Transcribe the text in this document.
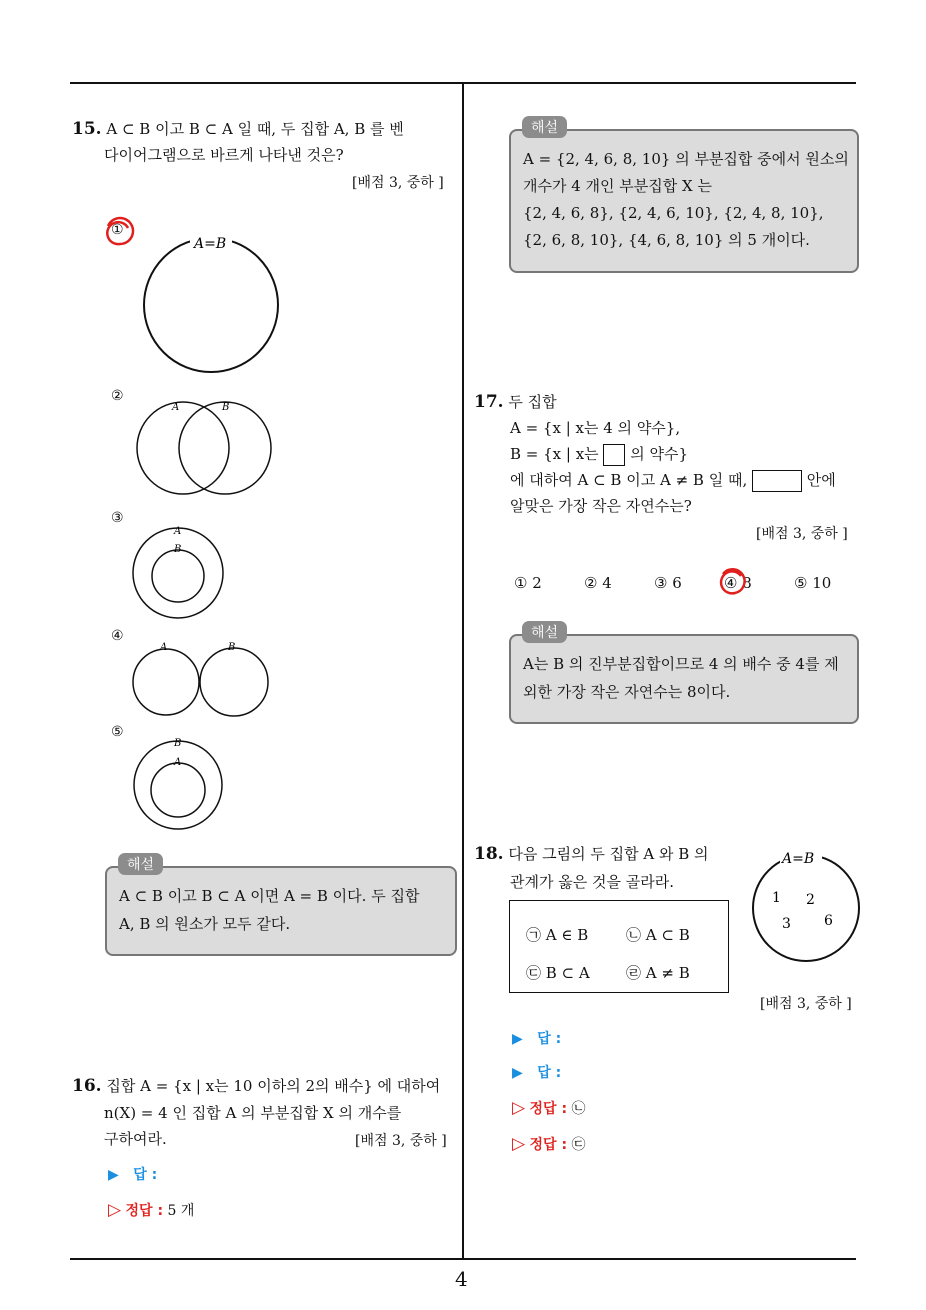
4
15. A ⊂ B 이고 B ⊂ A 일 때, 두 집합 A, B 를 벤
다이어그램으로 바르게 나타낸 것은?
[배점 3, 중하 ]
①
②
③
④
⑤
A=B
A	B
A
B
A	B
B
A
해설
A ⊂ B 이고 B ⊂ A 이면 A = B 이다. 두 집합
A, B 의 원소가 모두 같다.
16. 집합 A = {x | x는 10 이하의 2의 배수} 에 대하여
n(X) = 4 인 집합 A 의 부분집합 X 의 개수를
구하여라.	[배점 3, 중하 ]
▶ 답 :
▷ 정답 : 5 개
해설
A = {2, 4, 6, 8, 10} 의 부분집합 중에서 원소의
개수가 4 개인 부분집합 X 는
{2, 4, 6, 8}, {2, 4, 6, 10}, {2, 4, 8, 10},
{2, 6, 8, 10}, {4, 6, 8, 10} 의 5 개이다.
17. 두 집합
A = {x | x는 4 의 약수},
B = {x | x는 의 약수}
에 대하여 A ⊂ B 이고 A ≠ B 일 때,	안에
알맞은 가장 작은 자연수는?
[배점 3, 중하 ]
① 2	② 4	③ 6	④ 8	⑤ 10
해설
A는 B 의 진부분집합이므로 4 의 배수 중 4를 제
외한 가장 작은 자연수는 8이다.
18. 다음 그림의 두 집합 A 와 B 의
관계가 옳은 것을 골라라.
A=B
1 2
3 6
㉠ A ∈ B	㉡ A ⊂ B
㉢ B ⊂ A ㉣ A ≠ B
[배점 3, 중하 ]
▶ 답 :
▶ 답 :
▷ 정답 : ㉡
▷ 정답 : ㉢
